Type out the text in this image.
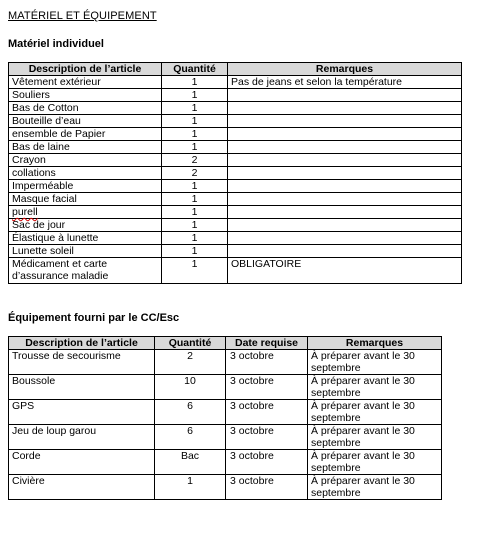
MATÉRIEL ET ÉQUIPEMENT
Matériel individuel
Description de l’article	Quantité	Remarques
Vêtement extérieur	1	Pas de jeans et selon la température
Souliers	1	
Bas de Cotton	1	
Bouteille d’eau	1	
ensemble de Papier	1	
Bas de laine	1	
Crayon	2	
collations	2	
Imperméable	1	
Masque facial	1	
purell	1	
Sac de jour	1	
Élastique à lunette	1	
Lunette soleil	1	
Médicament et carte d’assurance maladie	1	OBLIGATOIRE
Équipement fourni par le CC/Esc
Description de l’article	Quantité	Date requise	Remarques
Trousse de secourisme	2	3 octobre	À préparer avant le 30 septembre
Boussole	10	3 octobre	À préparer avant le 30 septembre
GPS	6	3 octobre	À préparer avant le 30 septembre
Jeu de loup garou	6	3 octobre	À préparer avant le 30 septembre
Corde	Bac	3 octobre	À préparer avant le 30 septembre
Civière	1	3 octobre	À préparer avant le 30 septembre
